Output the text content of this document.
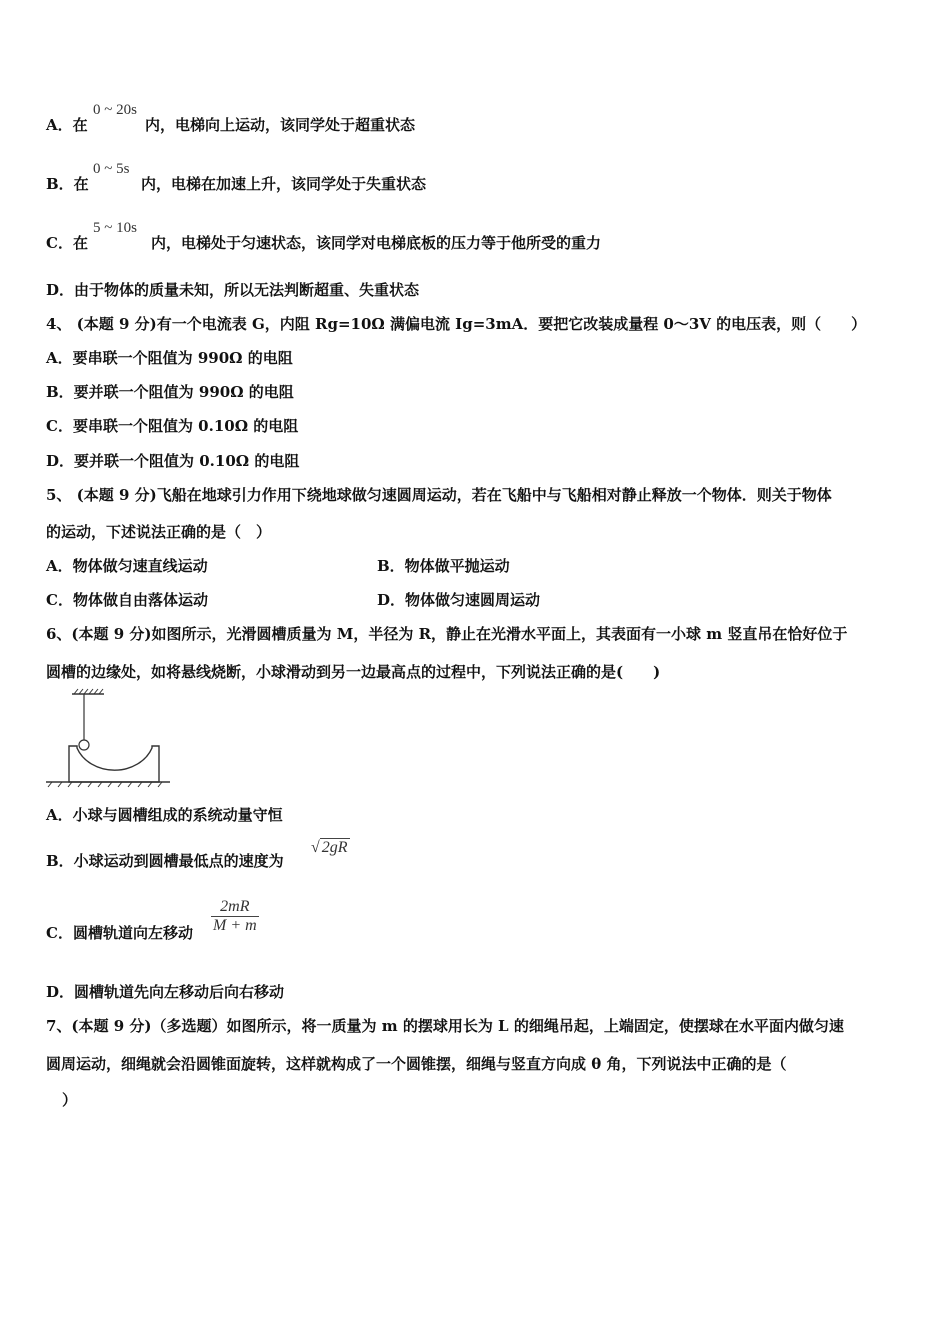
A．在
0 ~ 20s
内，电梯向上运动，该同学处于超重状态
B．在
0 ~ 5s
内，电梯在加速上升，该同学处于失重状态
C．在
5 ~ 10s
内，电梯处于匀速状态，该同学对电梯底板的压力等于他所受的重力
D．由于物体的质量未知，所以无法判断超重、失重状态
4、 (本题 9 分)有一个电流表 G，内阻 Rg=10Ω 满偏电流 Ig=3mA．要把它改装成量程 0～3V 的电压表，则（　　）
A．要串联一个阻值为 990Ω 的电阻
B．要并联一个阻值为 990Ω 的电阻
C．要串联一个阻值为 0.10Ω 的电阻
D．要并联一个阻值为 0.10Ω 的电阻
5、 (本题 9 分)飞船在地球引力作用下绕地球做匀速圆周运动，若在飞船中与飞船相对静止释放一个物体．则关于物体
的运动，下述说法正确的是（　）
A．物体做匀速直线运动	B．物体做平抛运动
C．物体做自由落体运动	D．物体做匀速圆周运动
6、(本题 9 分)如图所示，光滑圆槽质量为 M，半径为 R，静止在光滑水平面上，其表面有一小球 m 竖直吊在恰好位于
圆槽的边缘处，如将悬线烧断，小球滑动到另一边最高点的过程中，下列说法正确的是(　　)
A．小球与圆槽组成的系统动量守恒
B．小球运动到圆槽最低点的速度为
√ 2gR
C．圆槽轨道向左移动 $\frac{2mR}{M + m}$
D．圆槽轨道先向左移动后向右移动
7、(本题 9 分)（多选题）如图所示，将一质量为 m 的摆球用长为 L 的细绳吊起，上端固定，使摆球在水平面内做匀速
圆周运动，细绳就会沿圆锥面旋转，这样就构成了一个圆锥摆，细绳与竖直方向成 θ 角，下列说法中正确的是（
）
